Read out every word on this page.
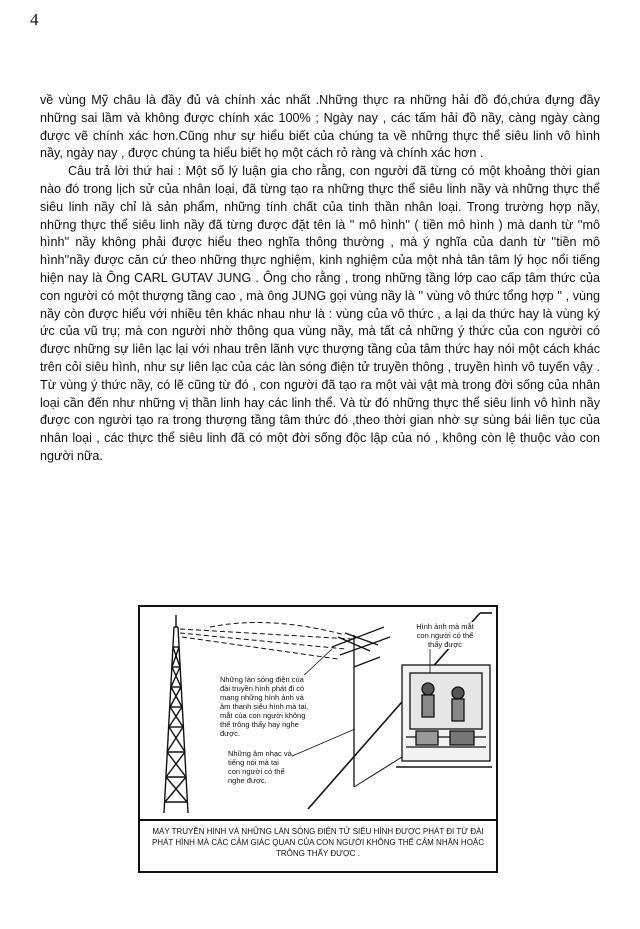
4

về vùng Mỹ châu là đầy đủ và chính xác nhất .Những thực ra những hải đồ đó,chứa đựng đầy những sai lầm và không được chính xác 100% ; Ngày nay , các tấm hải đồ nầy, càng ngày càng được vẽ chính xác hơn.Cũng như sự hiểu biết của chúng ta về những thực thể siêu linh vô hình nầy, ngày nay , được chúng ta hiểu biết họ một cách rỏ ràng và chính xác hơn .

Câu trả lời thứ hai : Một số lý luận gia cho rằng, con người đã từng có một khoảng thời gian nào đó trong lịch sử của nhân loại, đã từng tạo ra những thực thể siêu linh nầy và những thực thể siêu linh nầy chỉ là sản phẩm, những tính chất của tinh thần nhân loại. Trong trường hợp nầy, những thực thể siêu linh nầy đã từng được đặt tên là '' mô hình'' ( tiền mô hình ) mà danh từ ''mô hình'' nầy không phải được hiểu theo nghĩa thông thường , mà ý nghĩa của danh từ ''tiền mô hình''nầy được căn cứ theo những thực nghiệm, kinh nghiệm của một nhà tân tâm lý học nổi tiếng hiện nay là Ông CARL GUTAV JUNG . Ông cho rằng , trong những tầng lớp cao cấp tâm thức của con người có một thượng tầng cao , mà ông JUNG gọi vùng nầy là '' vùng vô thức tổng hợp '' , vùng nầy còn được hiểu với nhiều tên khác nhau như là : vùng của vô thức , a lại da thức hay là vùng ký ức của vũ trụ; mà con người nhờ thông qua vùng nầy, mà tất cả những ý thức của con người có được những sự liên lạc lại với nhau trên lãnh vực thượng tầng của tâm thức hay nói một cách khác trên cỏi siêu hình, như sự liên lạc của các làn sóng điện tử truyền thông , truyền hình vô tuyến vậy . Từ vùng ý thức nầy, có lẽ cũng từ đó , con người đã tạo ra một vài vật mà trong đời sống của nhân loại cần đến như những vị thần linh hay các linh thể. Và từ đó những thực thể siêu linh vô hình nầy được con người tạo ra trong thượng tầng tâm thức đó ,theo thời gian nhờ sự sùng bái liên tục của nhân loại , các thực thể siêu linh đã có một đời sống độc lập của nó , không còn lệ thuộc vào con người nữa.

Những làn sóng điện của đài truyền hình phát đi có mang những hình ảnh và âm thanh siêu hình mà tai, mắt của con người không thể trông thấy hay nghe được.
Những âm nhạc và tiếng nói mà tai con người có thể nghe được.
Hình ảnh mà mắt con người có thể thấy được
MÁY TRUYỀN HÌNH VÀ NHỮNG LÀN SÓNG ĐIỆN TỬ SIÊU HÌNH ĐƯỢC PHÁT ĐI TỪ ĐÀI PHÁT HÌNH MÀ CÁC CẢM GIÁC QUAN CỦA CON NGƯỜI KHÔNG THỂ CẢM NHẬN HOẶC TRÔNG THẤY ĐƯỢC .
